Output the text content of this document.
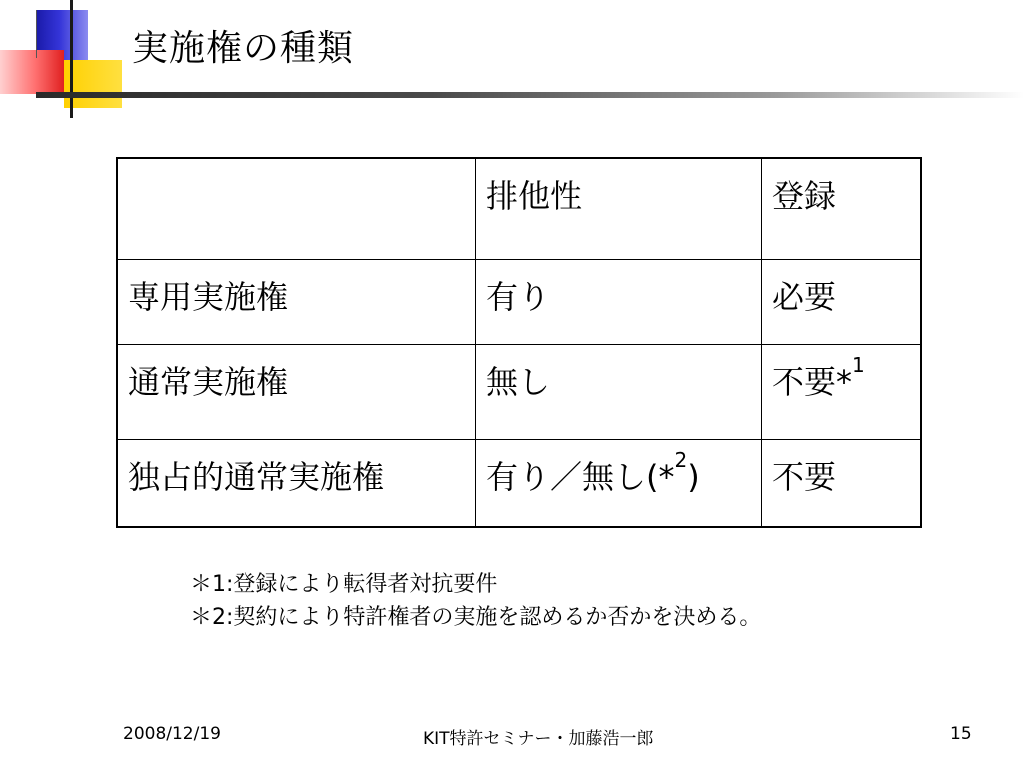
実施権の種類
	排他性	登録
専用実施権	有り	必要
通常実施権	無し	不要*$^1$
独占的通常実施権	有り／無し(*$^2$)	不要
＊1:登録により転得者対抗要件
＊2:契約により特許権者の実施を認めるか否かを決める。
2008/12/19	KIT特許セミナー・加藤浩一郎	15
